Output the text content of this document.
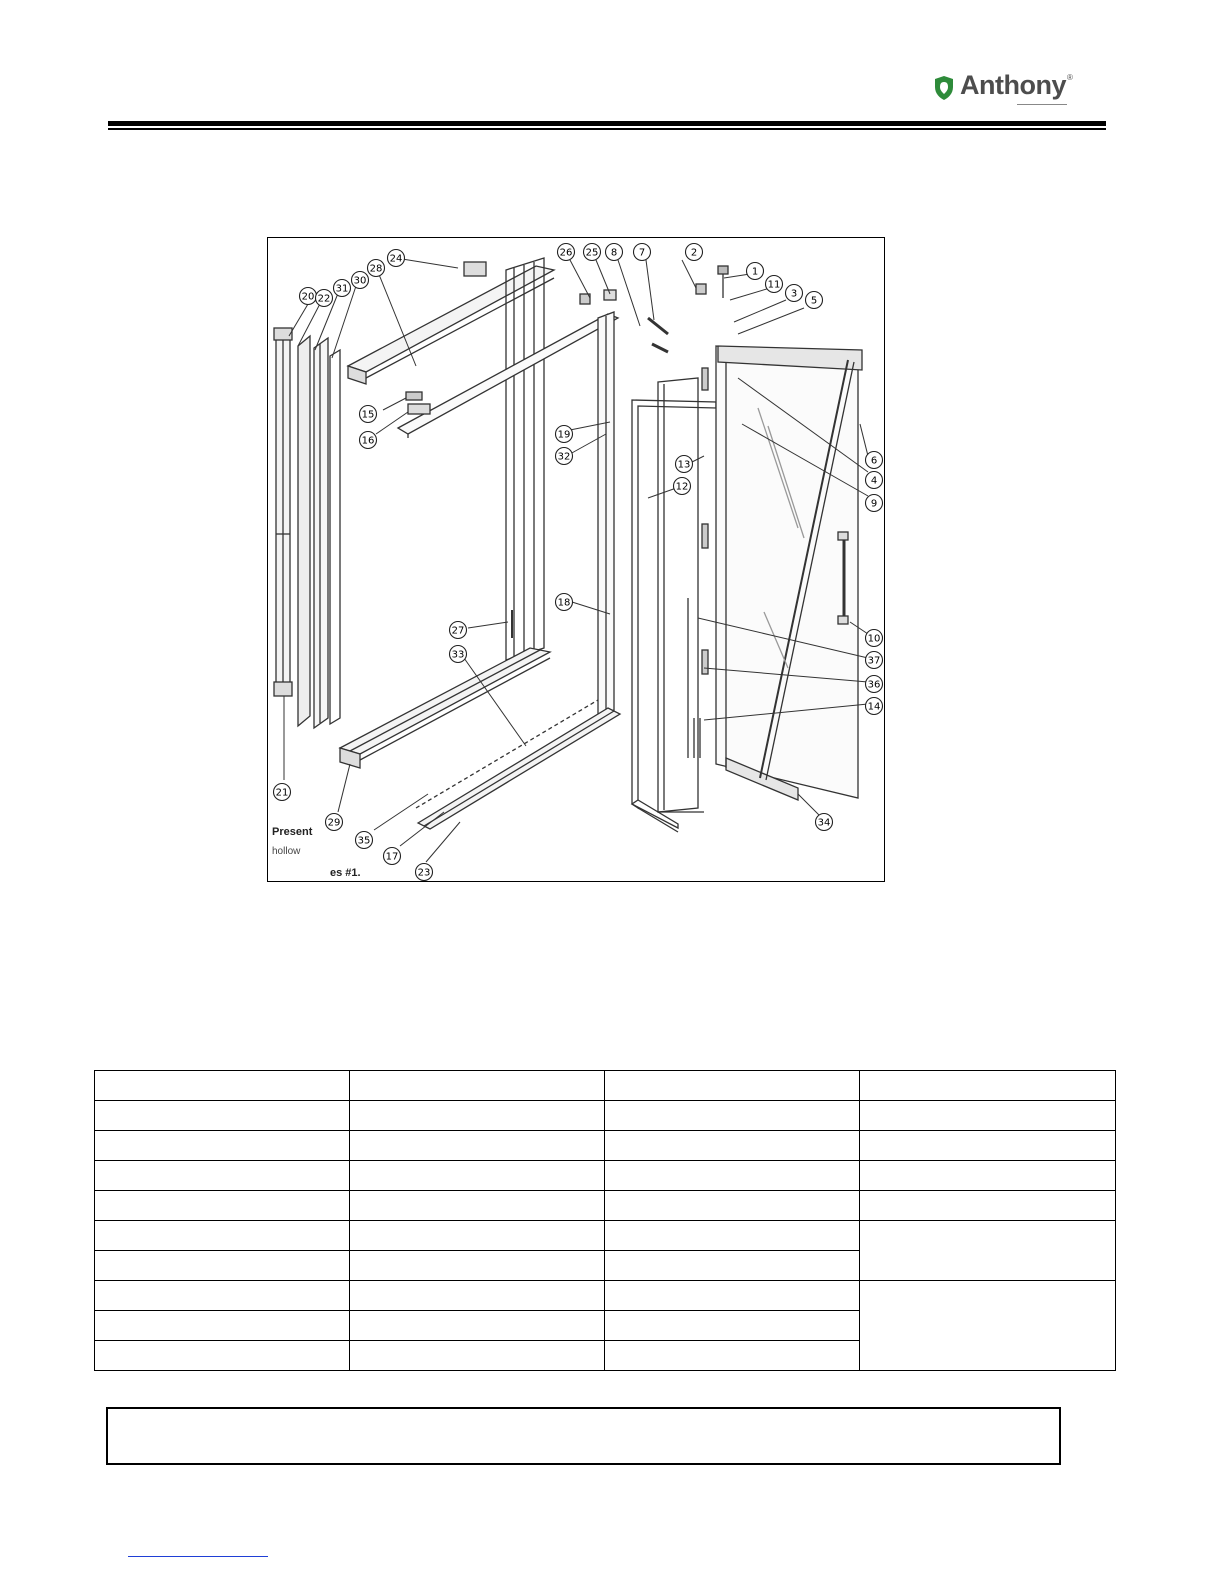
Anthony ®
Present
hollow
es #1.
1
2
3
4
5
6
7
8
9
10
11
12
13
14
15
16
17
18
19
20
21
22
23
24
25
26
27
28
29
30
31
32
33
34
35
36
37
